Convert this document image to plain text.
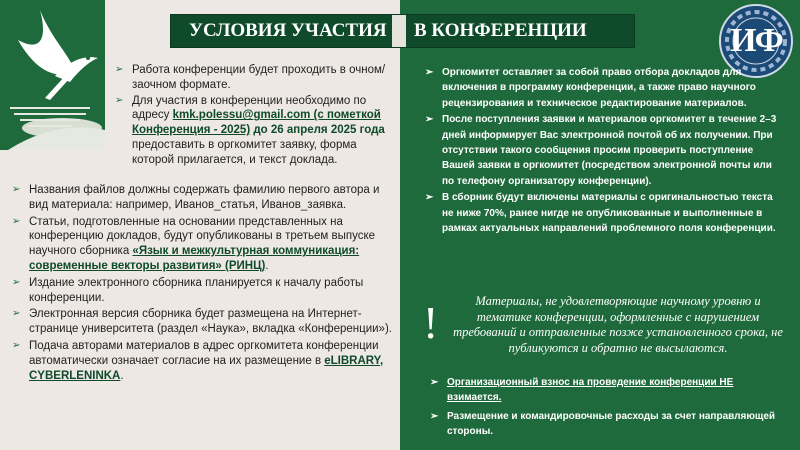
УСЛОВИЯ УЧАСТИЯ В КОНФЕРЕНЦИИ	ИФ
➢ Работа конференции будет проходить в очном/заочном формате.
➢ Для участия в конференции необходимо по адресу kmk.polessu@gmail.com (с пометкой Конференция - 2025) до 26 апреля 2025 года предоставить в оргкомитет заявку, форма которой прилагается, и текст доклада.
➢ Названия файлов должны содержать фамилию первого автора и вид материала: например, Иванов_статья, Иванов_заявка.
➢ Статьи, подготовленные на основании представленных на конференцию докладов, будут опубликованы в третьем выпуске научного сборника «Язык и межкультурная коммуникация: современные векторы развития» (РИНЦ).
➢ Издание электронного сборника планируется к началу работы конференции.
➢ Электронная версия сборника будет размещена на Интернет-странице университета (раздел «Наука», вкладка «Конференции»).
➢ Подача авторами материалов в адрес оргкомитета конференции автоматически означает согласие на их размещение в eLIBRARY, CYBERLENINKA.
➢ Оргкомитет оставляет за собой право отбора докладов для включения в программу конференции, а также право научного рецензирования и техническое редактирование материалов.
➢ После поступления заявки и материалов оргкомитет в течение 2–3 дней информирует Вас электронной почтой об их получении. При отсутствии такого сообщения просим проверить поступление Вашей заявки в оргкомитет (посредством электронной почты или по телефону организатору конференции).
➢ В сборник будут включены материалы с оригинальностью текста не ниже 70%, ранее нигде не опубликованные и выполненные в рамках актуальных направлений проблемного поля конференции.
!	Материалы, не удовлетворяющие научному уровню и тематике конференции, оформленные с нарушением требований и отправленные позже установленного срока, не публикуются и обратно не высылаются.
➢ Организационный взнос на проведение конференции НЕ взимается.
➢ Размещение и командировочные расходы за счет направляющей стороны.
